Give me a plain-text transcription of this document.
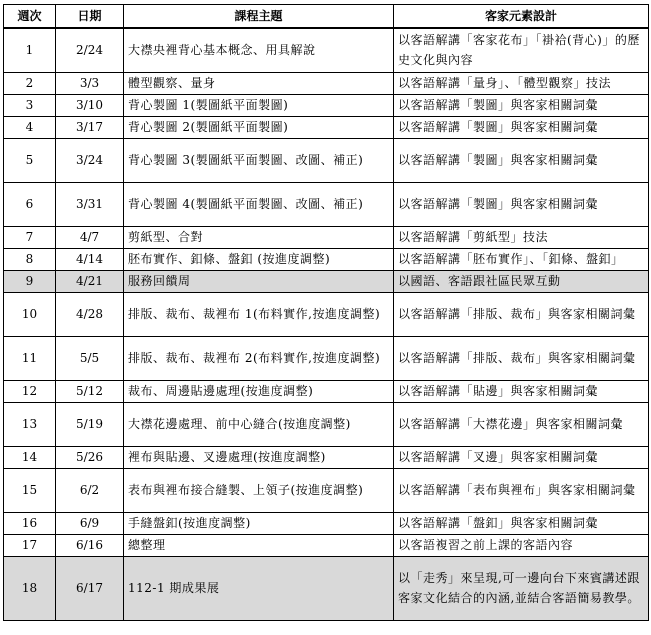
週次	日期	課程主題	客家元素設計
1	2/24	大襟央裡背心基本概念、用具解說	以客語解講「客家花布」「褂袷(背心)」的歷史文化與內容
2	3/3	體型觀察、量身	以客語解講「量身」、「體型觀察」技法
3	3/10	背心製圖 1(製圖紙平面製圖)	以客語解講「製圖」與客家相關詞彙
4	3/17	背心製圖 2(製圖紙平面製圖)	以客語解講「製圖」與客家相關詞彙
5	3/24	背心製圖 3(製圖紙平面製圖、改圖、補正)	以客語解講「製圖」與客家相關詞彙
6	3/31	背心製圖 4(製圖紙平面製圖、改圖、補正)	以客語解講「製圖」與客家相關詞彙
7	4/7	剪紙型、合對	以客語解講「剪紙型」技法
8	4/14	胚布實作、釦條、盤釦 (按進度調整)	以客語解講「胚布實作」、「釦條、盤釦」
9	4/21	服務回饋周	以國語、客語跟社區民眾互動
10	4/28	排版、裁布、裁裡布 1(布料實作,按進度調整)	以客語解講「排版、裁布」與客家相關詞彙
11	5/5	排版、裁布、裁裡布 2(布料實作,按進度調整)	以客語解講「排版、裁布」與客家相關詞彙
12	5/12	裁布、周邊貼邊處理(按進度調整)	以客語解講「貼邊」與客家相關詞彙
13	5/19	大襟花邊處理、前中心縫合(按進度調整)	以客語解講「大襟花邊」與客家相關詞彙
14	5/26	裡布與貼邊、叉邊處理(按進度調整)	以客語解講「叉邊」與客家相關詞彙
15	6/2	表布與裡布接合縫製、上領子(按進度調整)	以客語解講「表布與裡布」與客家相關詞彙
16	6/9	手縫盤釦(按進度調整)	以客語解講「盤釦」與客家相關詞彙
17	6/16	總整理	以客語複習之前上課的客語內容
18	6/17	112-1 期成果展	以「走秀」來呈現,可一邊向台下來賓講述跟客家文化結合的內涵,並結合客語簡易教學。
